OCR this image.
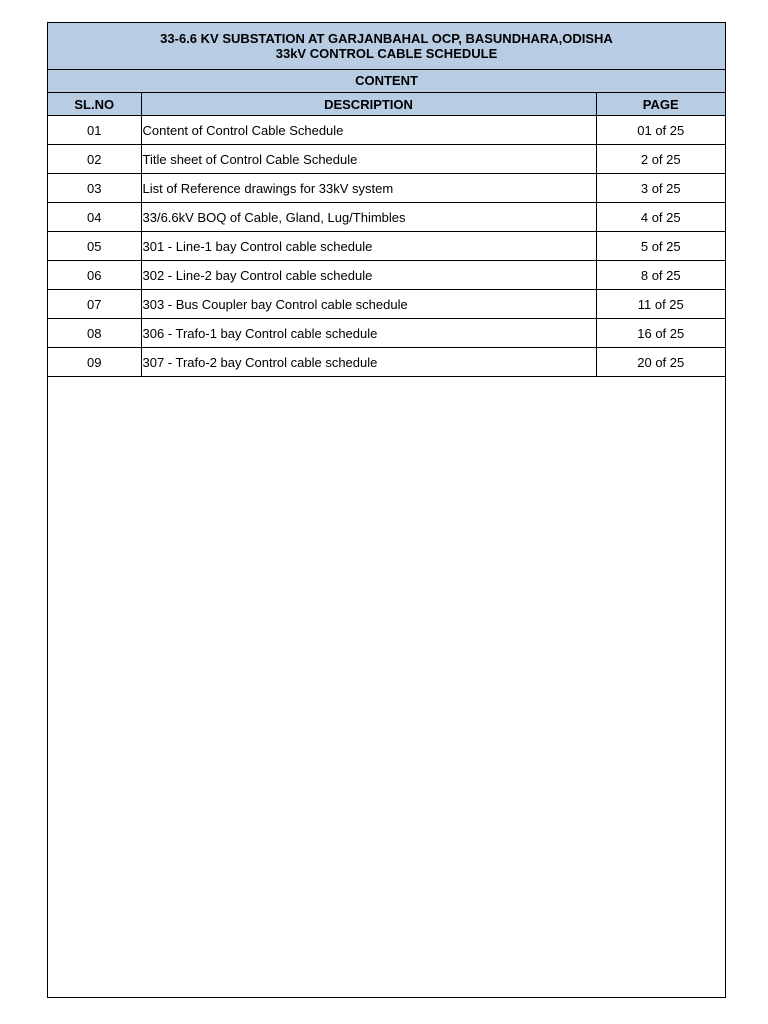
33-6.6 KV SUBSTATION AT GARJANBAHAL OCP, BASUNDHARA,ODISHA
33kV CONTROL CABLE SCHEDULE
CONTENT
SL.NO	DESCRIPTION	PAGE
01	Content of Control Cable Schedule	01 of 25
02	Title sheet of Control Cable Schedule	2 of 25
03	List of Reference drawings for 33kV system	3 of 25
04	33/6.6kV BOQ of Cable, Gland, Lug/Thimbles	4 of 25
05	301 - Line-1 bay Control cable schedule	5 of 25
06	302 - Line-2 bay Control cable schedule	8 of 25
07	303 - Bus Coupler bay Control cable schedule	11 of 25
08	306 - Trafo-1 bay Control cable schedule	16 of 25
09	307 - Trafo-2 bay Control cable schedule	20 of 25
